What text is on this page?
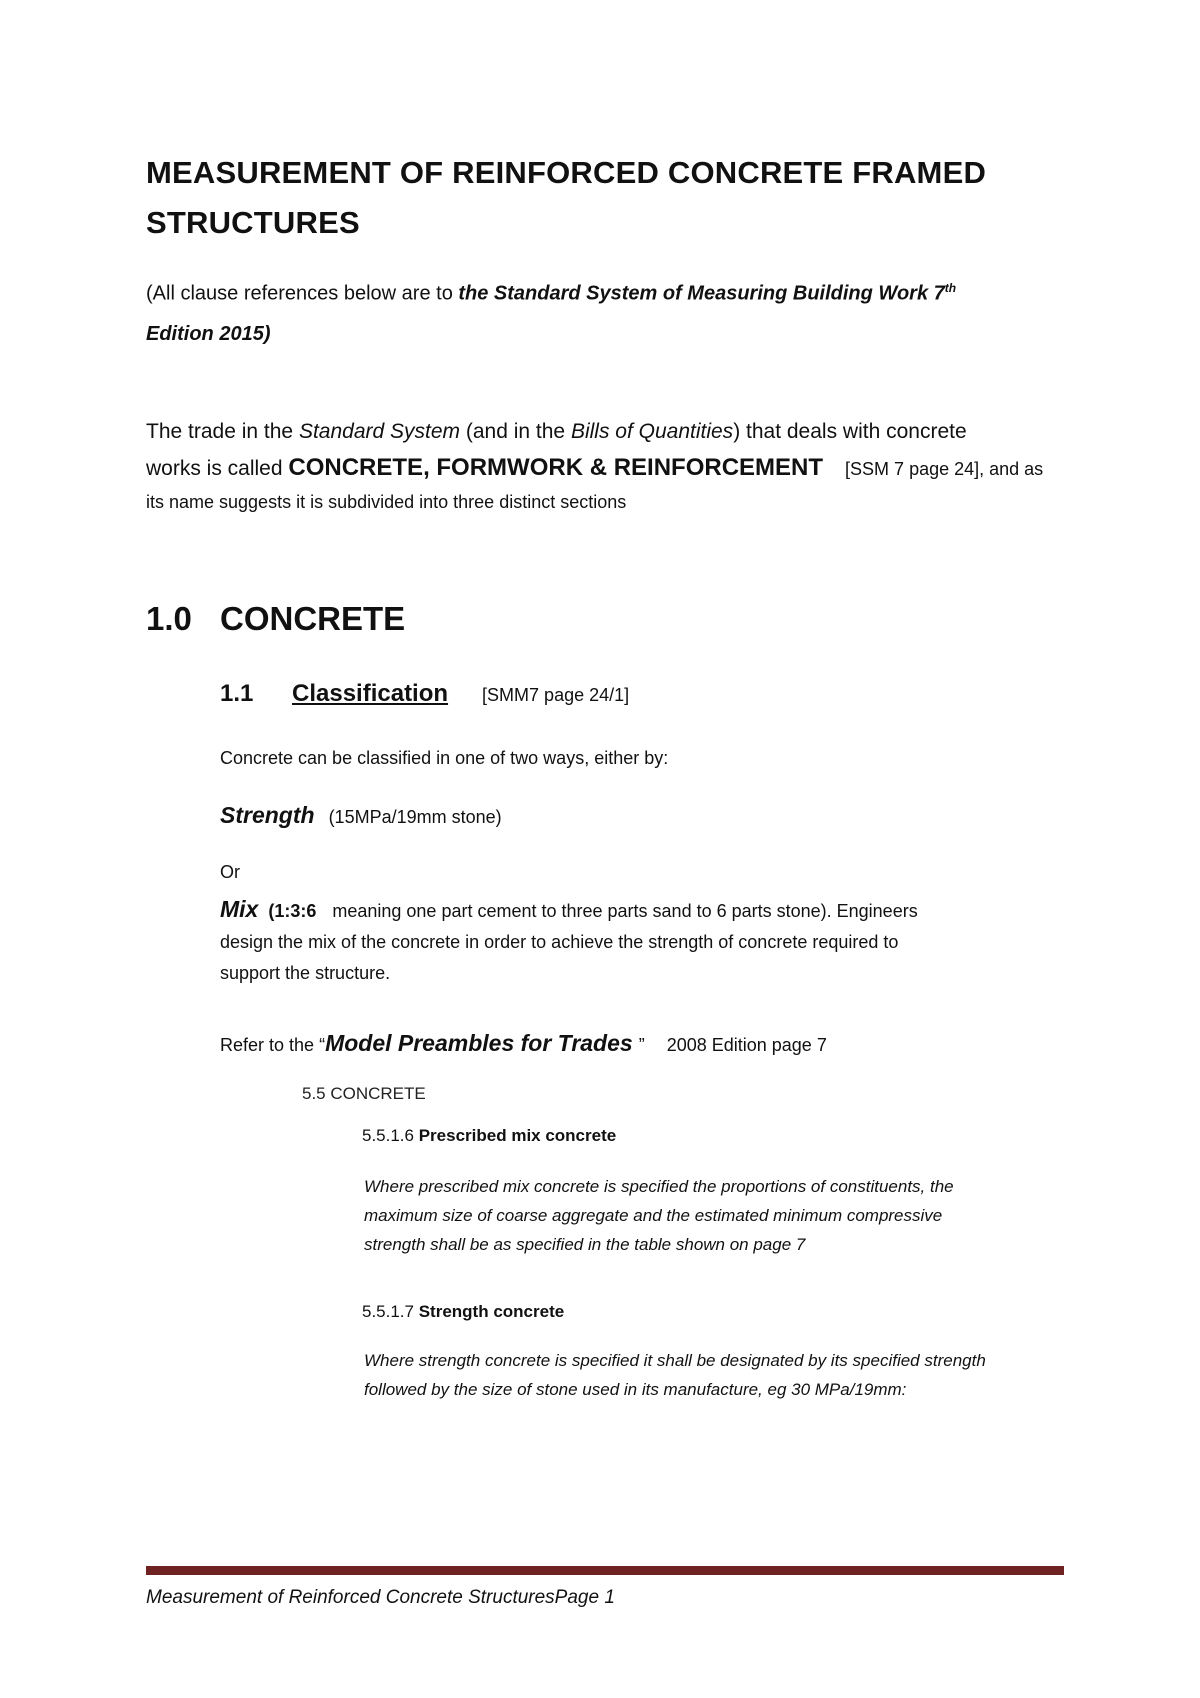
MEASUREMENT OF REINFORCED CONCRETE FRAMED
STRUCTURES
(All clause references below are to the Standard System of Measuring Building Work 7th
Edition 2015)
The trade in the Standard System (and in the Bills of Quantities) that deals with concrete
works is called CONCRETE, FORMWORK & REINFORCEMENT [SSM 7 page 24], and as
its name suggests it is subdivided into three distinct sections
1.0 CONCRETE
1.1 Classification [SMM7 page 24/1]
Concrete can be classified in one of two ways, either by:
Strength (15MPa/19mm stone)
Or
Mix (1:3:6 meaning one part cement to three parts sand to 6 parts stone). Engineers
design the mix of the concrete in order to achieve the strength of concrete required to
support the structure.
Refer to the “Model Preambles for Trades ” 2008 Edition page 7
5.5 CONCRETE
5.5.1.6 Prescribed mix concrete
Where prescribed mix concrete is specified the proportions of constituents, the
maximum size of coarse aggregate and the estimated minimum compressive
strength shall be as specified in the table shown on page 7
5.5.1.7 Strength concrete
Where strength concrete is specified it shall be designated by its specified strength
followed by the size of stone used in its manufacture, eg 30 MPa/19mm:
Measurement of Reinforced Concrete StructuresPage 1
